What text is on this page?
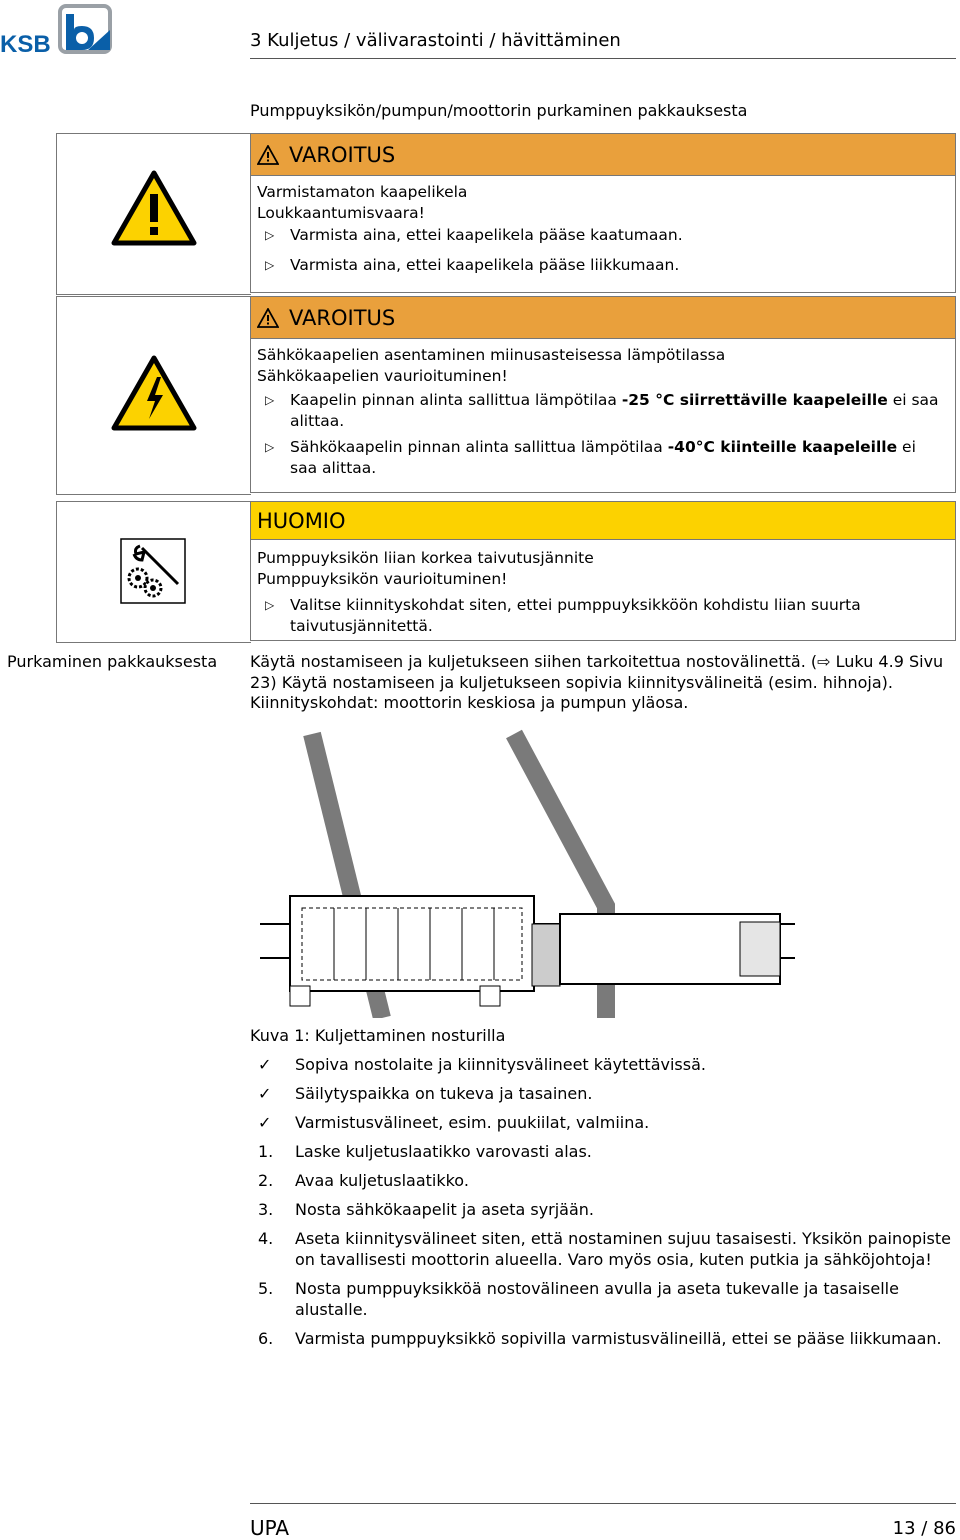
KSB	3 Kuljetus / välivarastointi / hävittäminen
Pumppuyksikön/pumpun/moottorin purkaminen pakkauksesta
VAROITUS
Varmistamaton kaapelikela
Loukkaantumisvaara!
▷ Varmista aina, ettei kaapelikela pääse kaatumaan.
▷ Varmista aina, ettei kaapelikela pääse liikkumaan.
VAROITUS
Sähkökaapelien asentaminen miinusasteisessa lämpötilassa
Sähkökaapelien vaurioituminen!
▷ Kaapelin pinnan alinta sallittua lämpötilaa -25 °C siirrettäville kaapeleille ei saa alittaa.
▷ Sähkökaapelin pinnan alinta sallittua lämpötilaa -40°C kiinteille kaapeleille ei saa alittaa.
HUOMIO
Pumppuyksikön liian korkea taivutusjännite
Pumppuyksikön vaurioituminen!
▷ Valitse kiinnityskohdat siten, ettei pumppuyksikköön kohdistu liian suurta taivutusjännitettä.
Purkaminen pakkauksesta Käytä nostamiseen ja kuljetukseen siihen tarkoitettua nostovälinettä. (⇨ Luku 4.9 Sivu 23) Käytä nostamiseen ja kuljetukseen sopivia kiinnitysvälineitä (esim. hihnoja). Kiinnityskohdat: moottorin keskiosa ja pumpun yläosa.
Kuva 1: Kuljettaminen nosturilla
✓ Sopiva nostolaite ja kiinnitysvälineet käytettävissä.
✓ Säilytyspaikka on tukeva ja tasainen.
✓ Varmistusvälineet, esim. puukiilat, valmiina.
1. Laske kuljetuslaatikko varovasti alas.
2. Avaa kuljetuslaatikko.
3. Nosta sähkökaapelit ja aseta syrjään.
4. Aseta kiinnitysvälineet siten, että nostaminen sujuu tasaisesti. Yksikön painopiste on tavallisesti moottorin alueella. Varo myös osia, kuten putkia ja sähköjohtoja!
5. Nosta pumppuyksikköä nostovälineen avulla ja aseta tukevalle ja tasaiselle alustalle.
6. Varmista pumppuyksikkö sopivilla varmistusvälineillä, ettei se pääse liikkumaan.
UPA	13 / 86
